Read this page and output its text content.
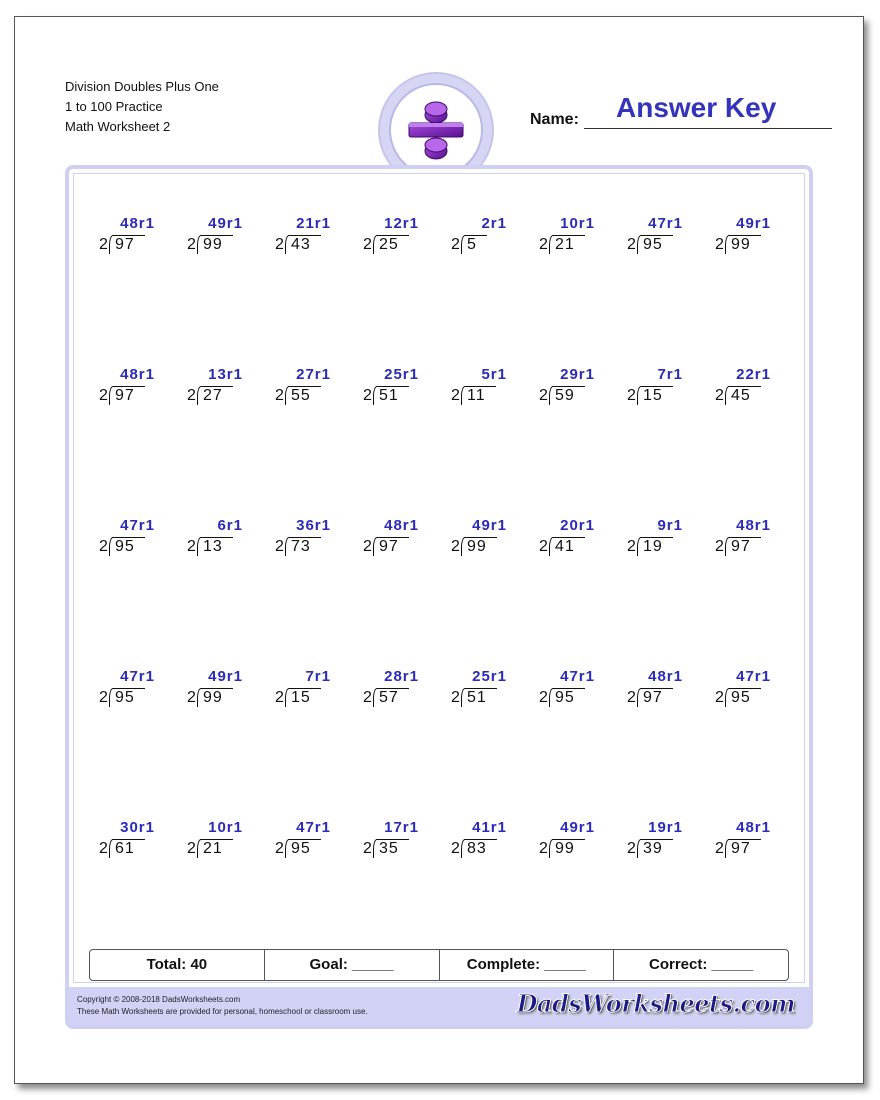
Division Doubles Plus One
1 to 100 Practice
Math Worksheet 2	Name: Answer Key
Copyright © 2008-2018 DadsWorksheets.com
These Math Worksheets are provided for personal, homeschool or classroom use.	DadsWorksheets.com
48r1
2 97
49r1
2 99
21r1
2 43
12r1
2 25
2r1
2 5
10r1
2 21
47r1
2 95
49r1
2 99
48r1
2 97
13r1
2 27
27r1
2 55
25r1
2 51
5r1
2 11
29r1
2 59
7r1
2 15
22r1
2 45
47r1
2 95
6r1
2 13
36r1
2 73
48r1
2 97
49r1
2 99
20r1
2 41
9r1
2 19
48r1
2 97
47r1
2 95
49r1
2 99
7r1
2 15
28r1
2 57
25r1
2 51
47r1
2 95
48r1
2 97
47r1
2 95
30r1
2 61
10r1
2 21
47r1
2 95
17r1
2 35
41r1
2 83
49r1
2 99
19r1
2 39
48r1
2 97
Total: 40	Goal: _____	Complete: _____	Correct: _____
